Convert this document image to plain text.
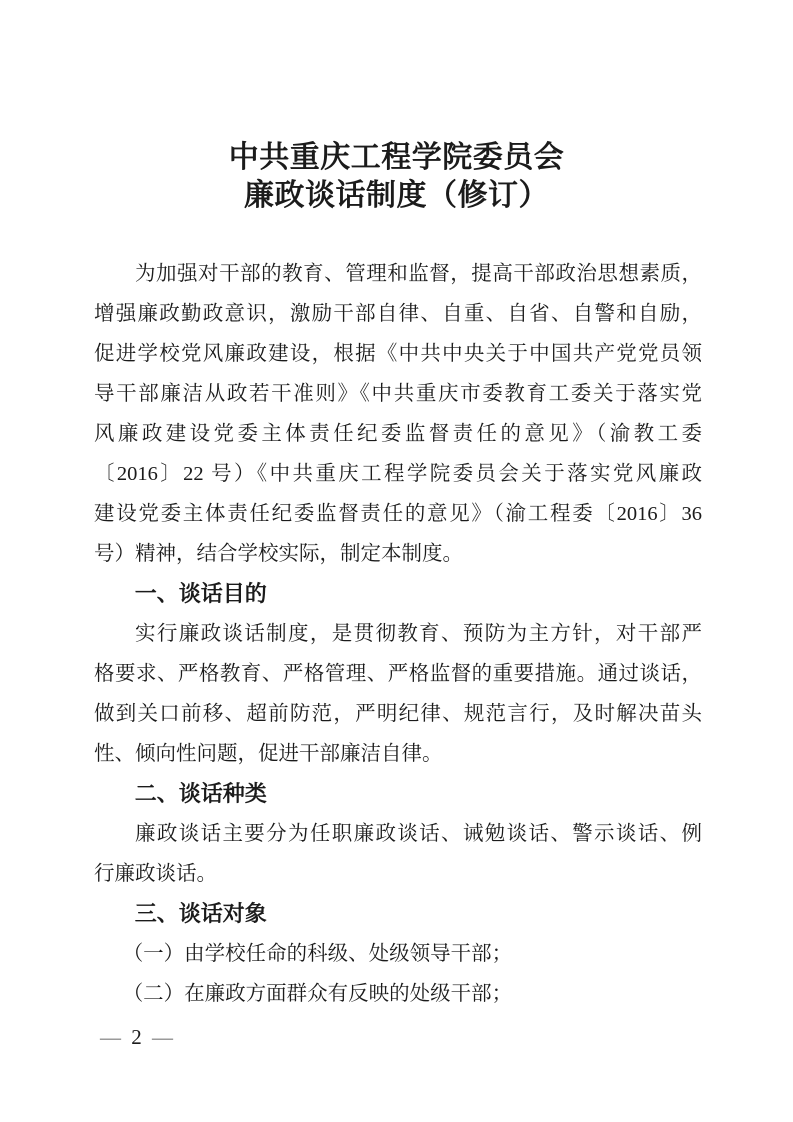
中共重庆工程学院委员会
廉政谈话制度（修订）
为加强对干部的教育、管理和监督，提高干部政治思想素质，
增强廉政勤政意识，激励干部自律、自重、自省、自警和自励，
促进学校党风廉政建设，根据《中共中央关于中国共产党党员领
导干部廉洁从政若干准则》《中共重庆市委教育工委关于落实党
风廉政建设党委主体责任纪委监督责任的意见》（渝教工委
〔2016〕22 号）《中共重庆工程学院委员会关于落实党风廉政
建设党委主体责任纪委监督责任的意见》（渝工程委〔2016〕36
号）精神，结合学校实际，制定本制度。
一、谈话目的
实行廉政谈话制度，是贯彻教育、预防为主方针，对干部严
格要求、严格教育、严格管理、严格监督的重要措施。通过谈话，
做到关口前移、超前防范，严明纪律、规范言行，及时解决苗头
性、倾向性问题，促进干部廉洁自律。
二、谈话种类
廉政谈话主要分为任职廉政谈话、诫勉谈话、警示谈话、例
行廉政谈话。
三、谈话对象
（一）由学校任命的科级、处级领导干部；
（二）在廉政方面群众有反映的处级干部；
— 2 —
